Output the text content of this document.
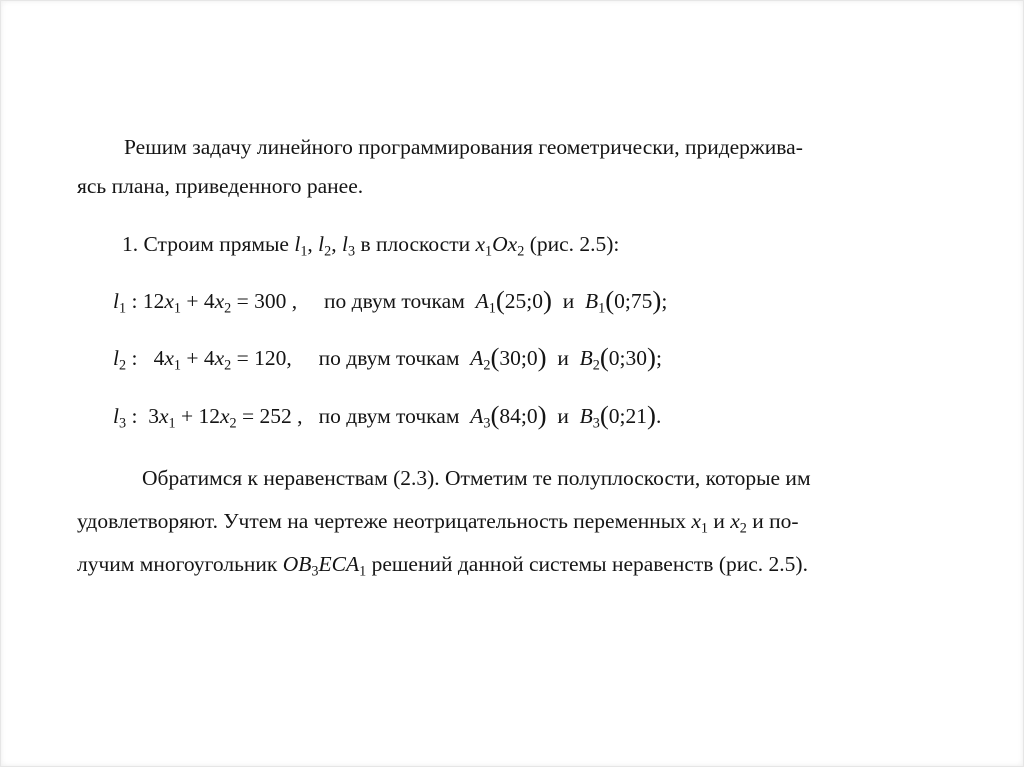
Решим задачу линейного программирования геометрически, придержива-
ясь плана, приведенного ранее.
1. Строим прямые $l_1$, $l_2$, $l_3$ в плоскости $x_1Ox_2$ (рис. 2.5):
$l_1$ : $12x_1 + 4x_2 = 300$ ,     по двум точкам $A_1(25;0)$ и $B_1(0;75)$;
$l_2$ :   $4x_1 + 4x_2 = 120$,     по двум точкам $A_2(30;0)$ и $B_2(0;30)$;
$l_3$ :  $3x_1 + 12x_2 = 252$ ,   по двум точкам $A_3(84;0)$ и $B_3(0;21)$.
Обратимся к неравенствам (2.3). Отметим те полуплоскости, которые им
удовлетворяют. Учтем на чертеже неотрицательность переменных $x_1$ и $x_2$ и по-
лучим многоугольник $OB_3ECA_1$ решений данной системы неравенств (рис. 2.5).
